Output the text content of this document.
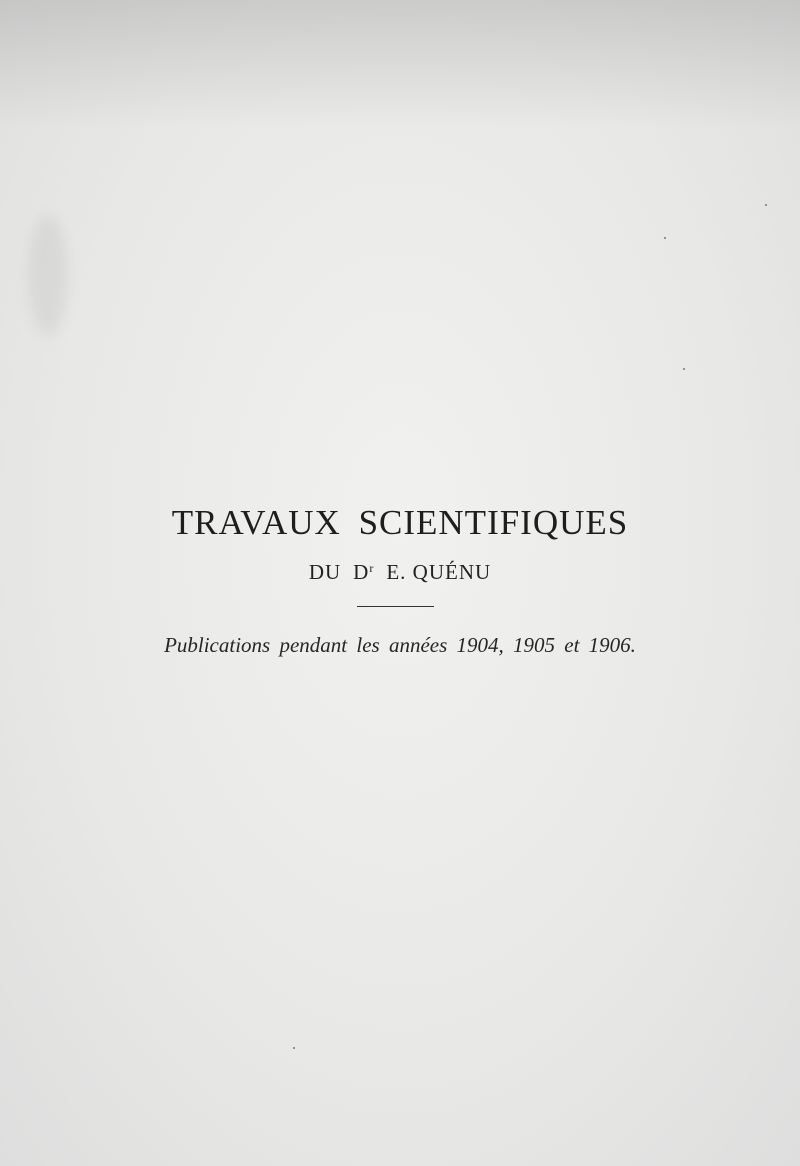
TRAVAUX SCIENTIFIQUES
DU $D^r$ E. QUÉNU
Publications pendant les années 1904, 1905 et 1906.
